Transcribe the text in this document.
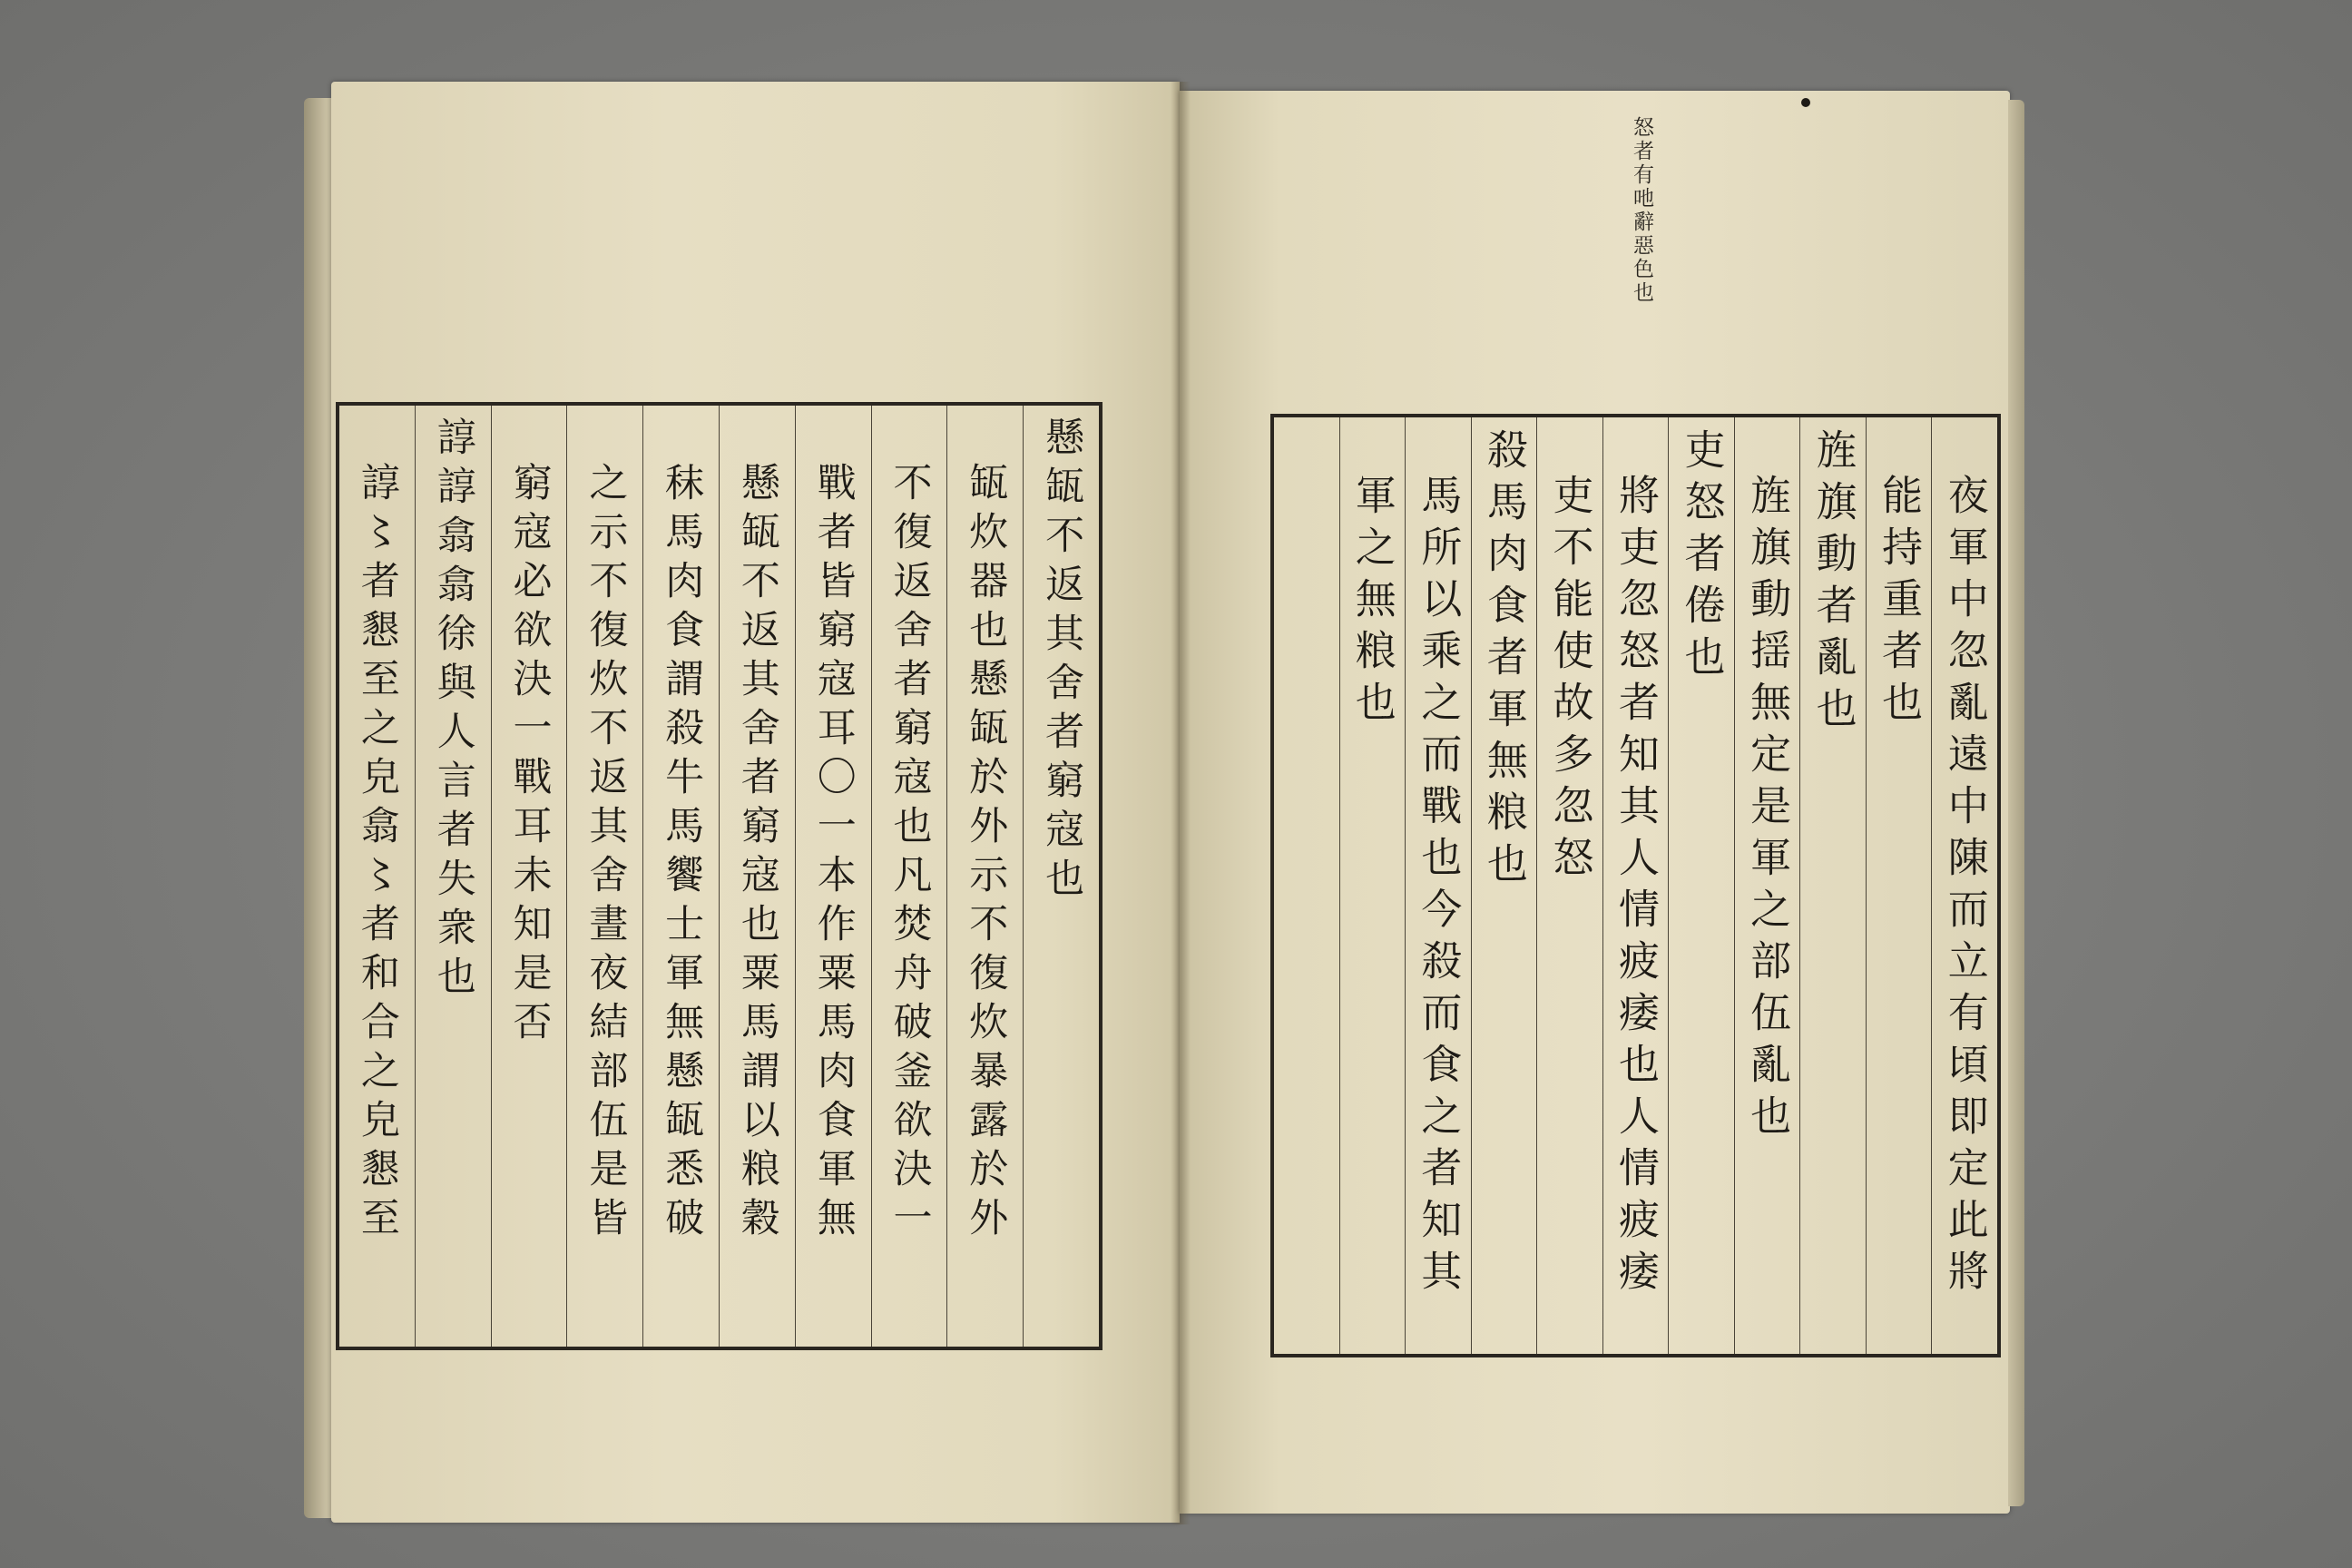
懸缻不返其舍者窮寇也
缻炊器也懸缻於外示不復炊暴露於外
不復返舍者窮寇也凡焚舟破釜欲決一
戰者皆窮寇耳〇一本作粟馬肉食軍無
懸缻不返其舍者窮寇也粟馬謂以粮穀
秣馬肉食謂殺牛馬饗士軍無懸缻悉破
之示不復炊不返其舍晝夜結部伍是皆
窮寇必欲決一戰耳未知是否
諄諄翕翕徐與人言者失衆也
諄〻者懇至之皃翕〻者和合之皃懇至	夜軍中忽亂遠中陳而立有頃即定此將
能持重者也
旌旗動者亂也
旌旗動揺無定是軍之部伍亂也
吏怒者倦也
將吏忽怒者知其人情疲痿也人情疲痿
吏不能使故多忽怒
殺馬肉食者軍無粮也
馬所以乘之而戰也今殺而食之者知其
軍之無粮也
怒者有吔辭惡色也
